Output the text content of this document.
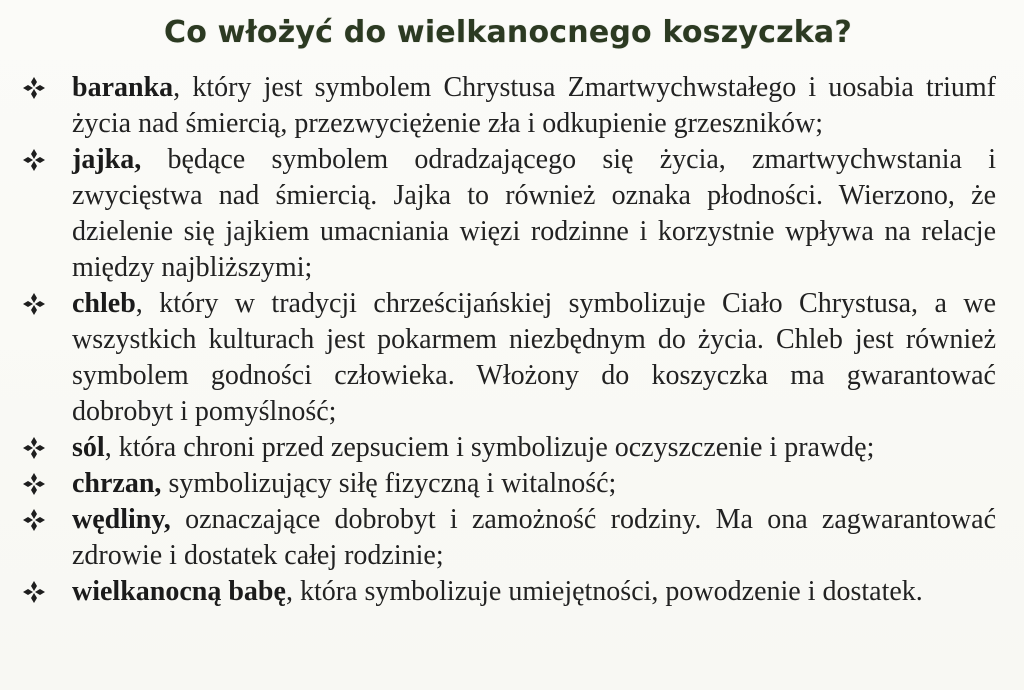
Co włożyć do wielkanocnego koszyczka?
baranka, który jest symbolem Chrystusa Zmartwychwstałego i uosabia triumf życia nad śmiercią, przezwyciężenie zła i odkupienie grzeszników;
jajka, będące symbolem odradzającego się życia, zmartwychwstania i zwycięstwa nad śmiercią. Jajka to również oznaka płodności. Wierzono, że dzielenie się jajkiem umacniania więzi rodzinne i korzystnie wpływa na relacje między najbliższymi;
chleb, który w tradycji chrześcijańskiej symbolizuje Ciało Chrystusa, a we wszystkich kulturach jest pokarmem niezbędnym do życia. Chleb jest również symbolem godności człowieka. Włożony do koszyczka ma gwarantować dobrobyt i pomyślność;
sól, która chroni przed zepsuciem i symbolizuje oczyszczenie i prawdę;
chrzan, symbolizujący siłę fizyczną i witalność;
wędliny, oznaczające dobrobyt i zamożność rodziny. Ma ona zagwarantować zdrowie i dostatek całej rodzinie;
wielkanocną babę, która symbolizuje umiejętności, powodzenie i dostatek.
